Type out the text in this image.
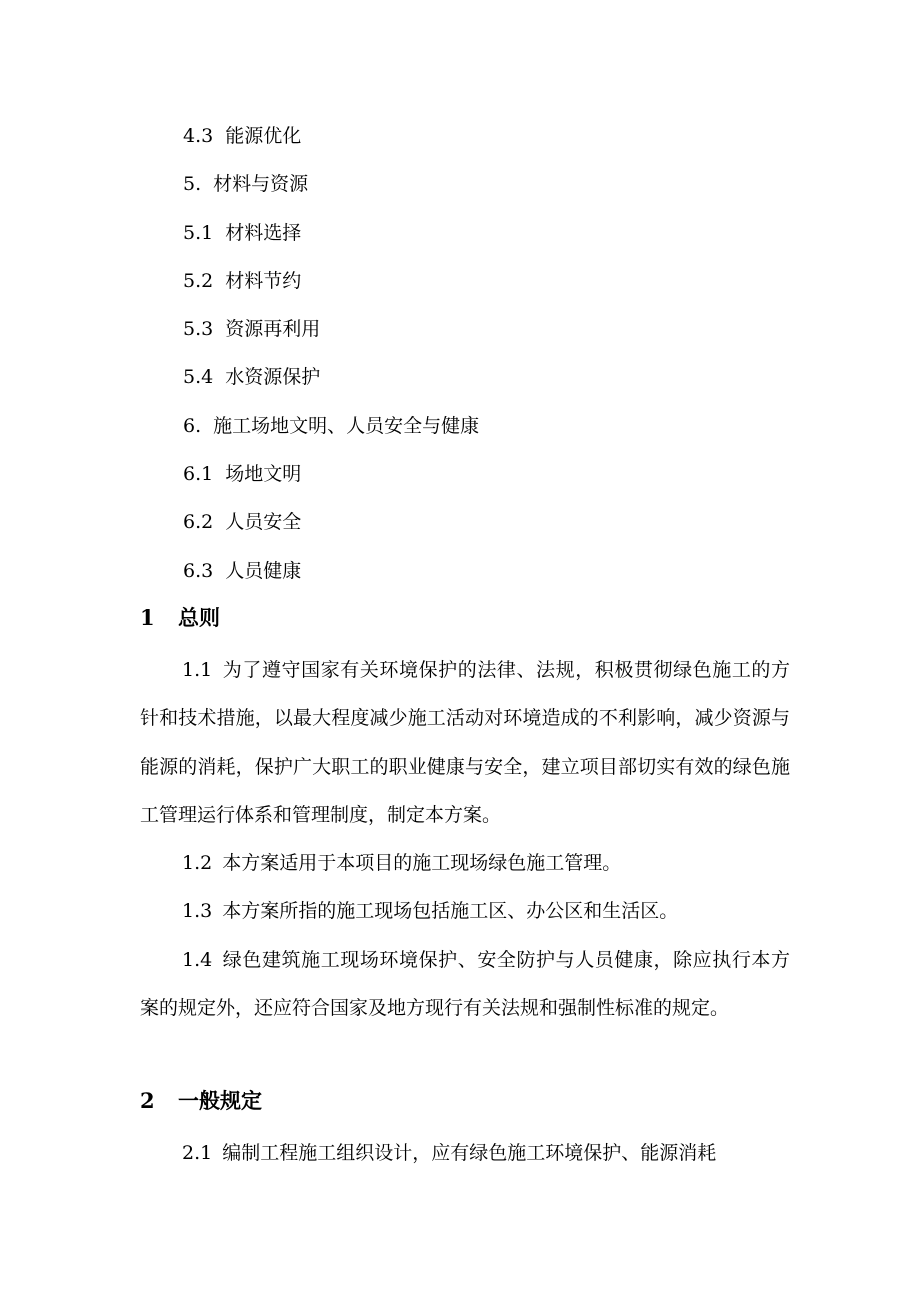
4.3 能源优化
5. 材料与资源
5.1 材料选择
5.2 材料节约
5.3 资源再利用
5.4 水资源保护
6. 施工场地文明、人员安全与健康
6.1 场地文明
6.2 人员安全
6.3 人员健康
1 总则

1.1 为了遵守国家有关环境保护的法律、法规，积极贯彻绿色施工的方针和技术措施，以最大程度减少施工活动对环境造成的不利影响，减少资源与能源的消耗，保护广大职工的职业健康与安全，建立项目部切实有效的绿色施工管理运行体系和管理制度，制定本方案。

1.2 本方案适用于本项目的施工现场绿色施工管理。

1.3 本方案所指的施工现场包括施工区、办公区和生活区。

1.4 绿色建筑施工现场环境保护、安全防护与人员健康，除应执行本方案的规定外，还应符合国家及地方现行有关法规和强制性标准的规定。

2 一般规定

2.1 编制工程施工组织设计，应有绿色施工环境保护、能源消耗
